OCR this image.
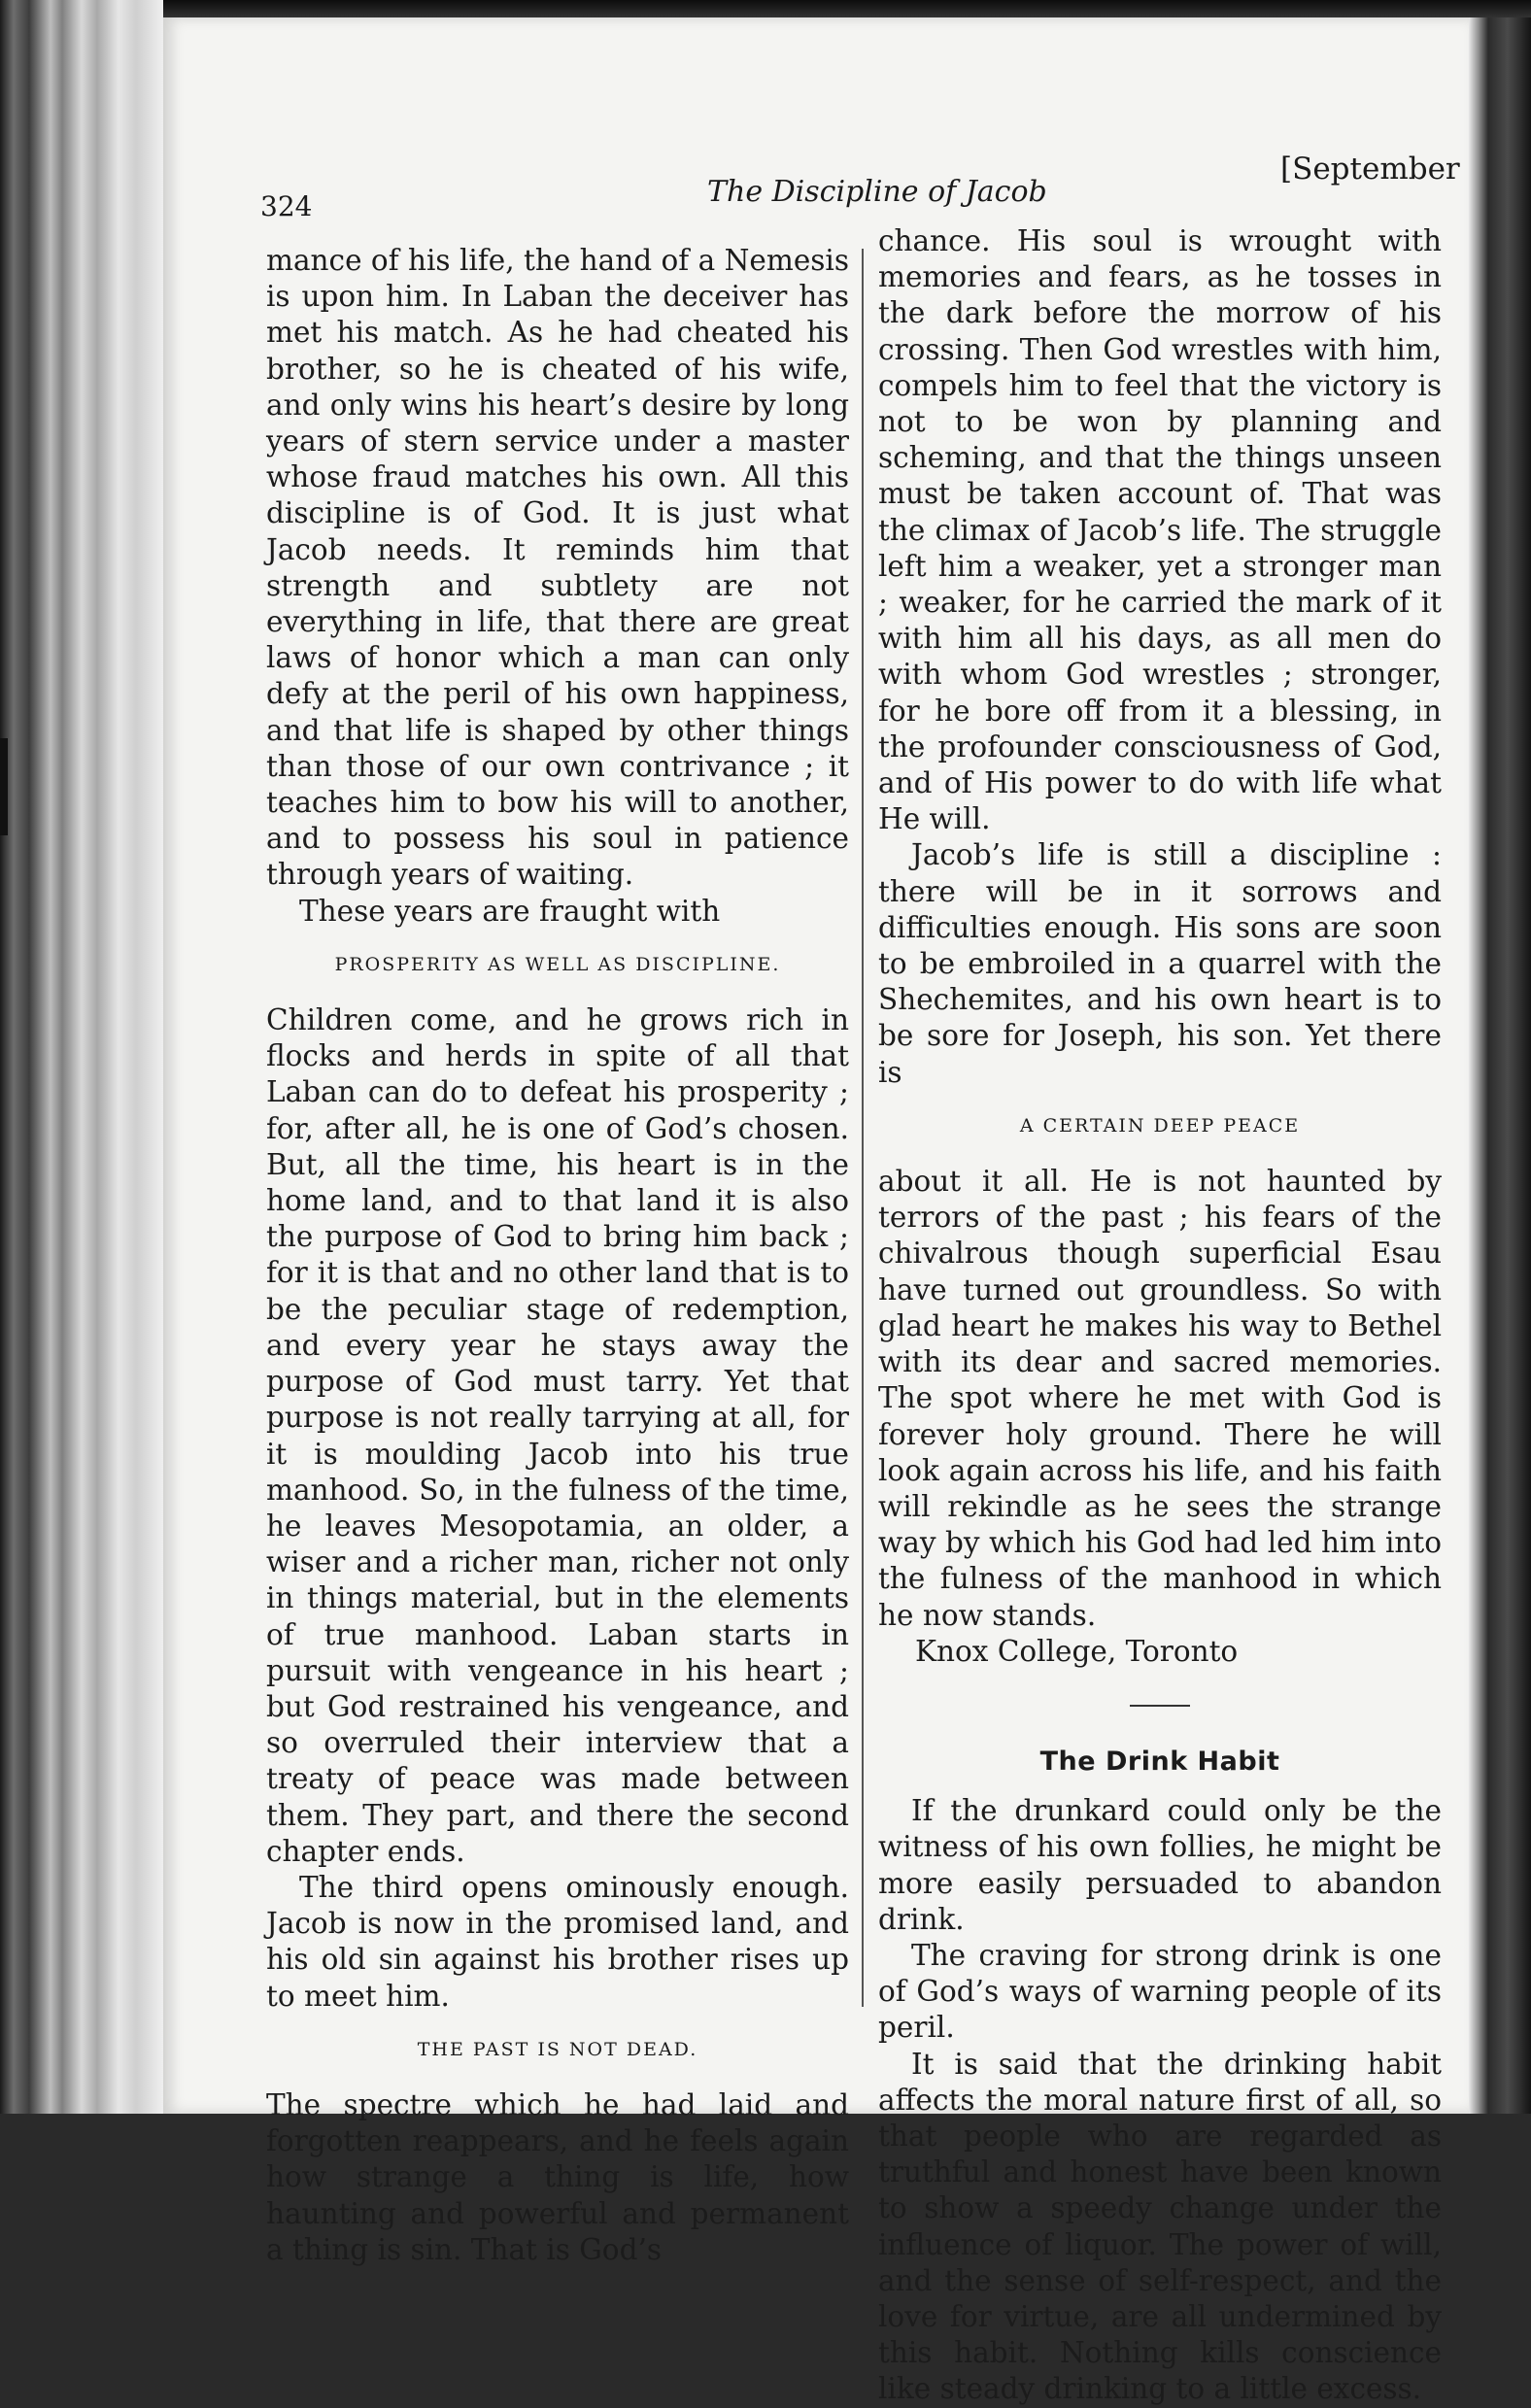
324	The Discipline of Jacob
[September

mance of his life, the hand of a Nemesis is upon him. In Laban the deceiver has met his match. As he had cheated his brother, so he is cheated of his wife, and only wins his heart’s desire by long years of stern service under a master whose fraud matches his own. All this discipline is of God. It is just what Jacob needs. It reminds him that strength and subtlety are not everything in life, that there are great laws of honor which a man can only defy at the peril of his own happiness, and that life is shaped by other things than those of our own contrivance ; it teaches him to bow his will to another, and to possess his soul in patience through years of waiting.

These years are fraught with

PROSPERITY AS WELL AS DISCIPLINE.

Children come, and he grows rich in flocks and herds in spite of all that Laban can do to defeat his prosperity ; for, after all, he is one of God’s chosen. But, all the time, his heart is in the home land, and to that land it is also the purpose of God to bring him back ; for it is that and no other land that is to be the peculiar stage of redemption, and every year he stays away the purpose of God must tarry. Yet that purpose is not really tarrying at all, for it is moulding Jacob into his true manhood. So, in the fulness of the time, he leaves Mesopotamia, an older, a wiser and a richer man, richer not only in things material, but in the elements of true manhood. Laban starts in pursuit with vengeance in his heart ; but God restrained his vengeance, and so overruled their interview that a treaty of peace was made between them. They part, and there the second chapter ends.

The third opens ominously enough. Jacob is now in the promised land, and his old sin against his brother rises up to meet him.

THE PAST IS NOT DEAD.

The spectre which he had laid and forgotten reappears, and he feels again how strange a thing is life, how haunting and powerful and permanent a thing is sin. That is God’s

chance. His soul is wrought with memories and fears, as he tosses in the dark before the morrow of his crossing. Then God wrestles with him, compels him to feel that the victory is not to be won by planning and scheming, and that the things unseen must be taken account of. That was the climax of Jacob’s life. The struggle left him a weaker, yet a stronger man ; weaker, for he carried the mark of it with him all his days, as all men do with whom God wrestles ; stronger, for he bore off from it a blessing, in the profounder consciousness of God, and of His power to do with life what He will.

Jacob’s life is still a discipline : there will be in it sorrows and difficulties enough. His sons are soon to be embroiled in a quarrel with the Shechemites, and his own heart is to be sore for Joseph, his son. Yet there is

A CERTAIN DEEP PEACE

about it all. He is not haunted by terrors of the past ; his fears of the chivalrous though superficial Esau have turned out groundless. So with glad heart he makes his way to Bethel with its dear and sacred memories. The spot where he met with God is forever holy ground. There he will look again across his life, and his faith will rekindle as he sees the strange way by which his God had led him into the fulness of the manhood in which he now stands.

Knox College, Toronto

The Drink Habit

If the drunkard could only be the witness of his own follies, he might be more easily persuaded to abandon drink.

The craving for strong drink is one of God’s ways of warning people of its peril.

It is said that the drinking habit affects the moral nature first of all, so that people who are regarded as truthful and honest have been known to show a speedy change under the influence of liquor. The power of will, and the sense of self-respect, and the love for virtue, are all undermined by this habit. Nothing kills conscience like steady drinking to a little excess.
